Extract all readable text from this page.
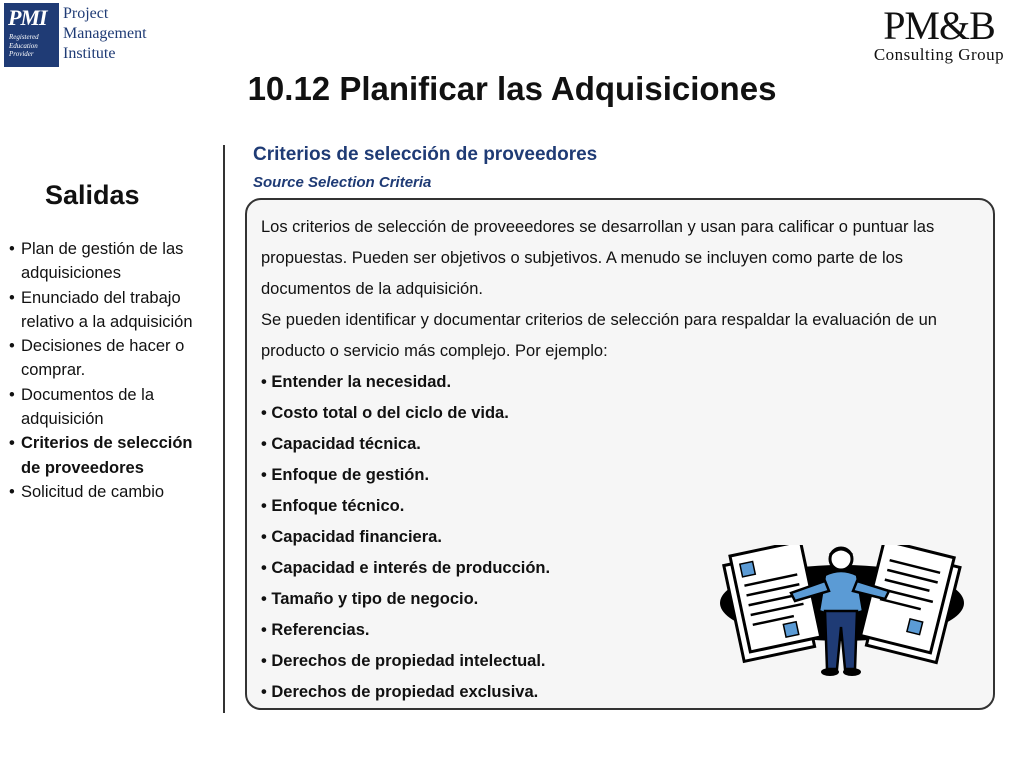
PMI
Registered
Education
Provider
Project
Management
Institute
PM&B
Consulting Group
10.12 Planificar las Adquisiciones
Salidas
• Plan de gestión de las adquisiciones
• Enunciado del trabajo relativo a la adquisición
• Decisiones de hacer o comprar.
• Documentos de la adquisición
• Criterios de selección de proveedores
• Solicitud de cambio
Criterios de selección de proveedores
Source Selection Criteria

Los criterios de selección de proveeedores se desarrollan y usan para calificar o puntuar las propuestas. Pueden ser objetivos o subjetivos. A menudo se incluyen como parte de los documentos de la adquisición.

Se pueden identificar y documentar criterios de selección para respaldar la evaluación de un producto o servicio más complejo. Por ejemplo:

• Entender la necesidad.
• Costo total o del ciclo de vida.
• Capacidad técnica.
• Enfoque de gestión.
• Enfoque técnico.
• Capacidad financiera.
• Capacidad e interés de producción.
• Tamaño y tipo de negocio.
• Referencias.
• Derechos de propiedad intelectual.
• Derechos de propiedad exclusiva.
